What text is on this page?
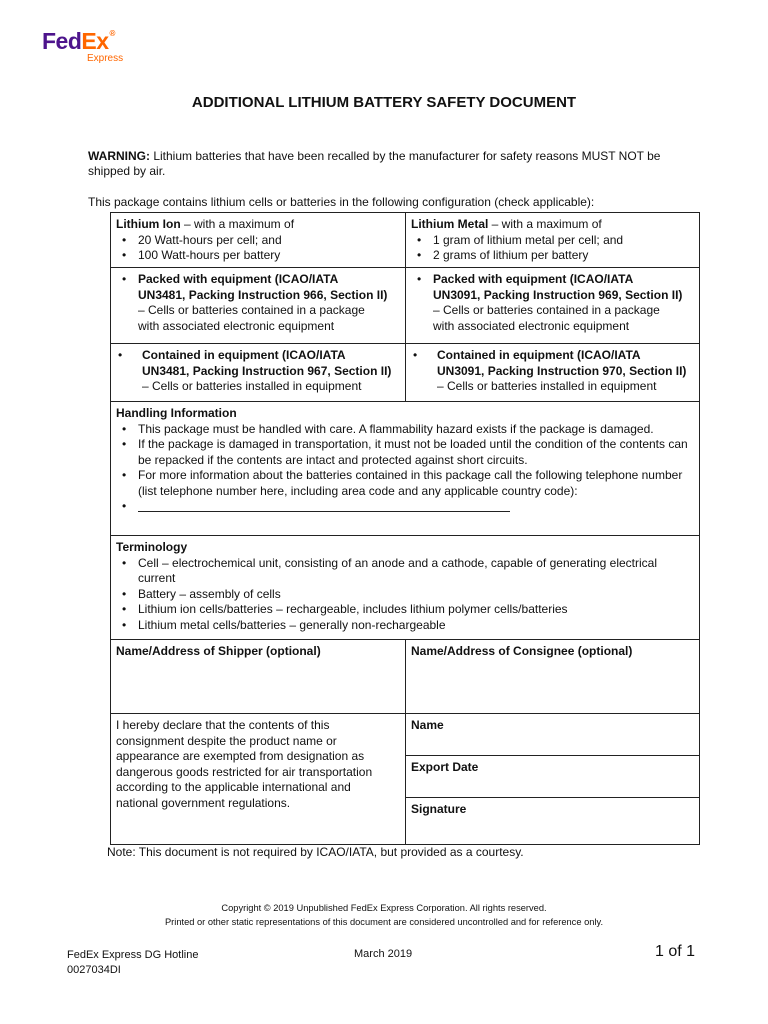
FedEx®
Express
ADDITIONAL LITHIUM BATTERY SAFETY DOCUMENT
WARNING: Lithium batteries that have been recalled by the manufacturer for safety reasons MUST NOT be shipped by air.
This package contains lithium cells or batteries in the following configuration (check applicable):
Lithium Ion – with a maximum of
• 20 Watt-hours per cell; and
• 100 Watt-hours per battery
Lithium Metal – with a maximum of
• 1 gram of lithium metal per cell; and
• 2 grams of lithium per battery
• Packed with equipment (ICAO/IATA
UN3481, Packing Instruction 966, Section II)
– Cells or batteries contained in a package
with associated electronic equipment
• Packed with equipment (ICAO/IATA
UN3091, Packing Instruction 969, Section II)
– Cells or batteries contained in a package
with associated electronic equipment
• Contained in equipment (ICAO/IATA
UN3481, Packing Instruction 967, Section II)
– Cells or batteries installed in equipment
• Contained in equipment (ICAO/IATA
UN3091, Packing Instruction 970, Section II)
– Cells or batteries installed in equipment
Handling Information
• This package must be handled with care. A flammability hazard exists if the package is damaged.
• If the package is damaged in transportation, it must not be loaded until the condition of the contents can be repacked if the contents are intact and protected against short circuits.
• For more information about the batteries contained in this package call the following telephone number (list telephone number here, including area code and any applicable country code):
•
Terminology
• Cell – electrochemical unit, consisting of an anode and a cathode, capable of generating electrical current
• Battery – assembly of cells
• Lithium ion cells/batteries – rechargeable, includes lithium polymer cells/batteries
• Lithium metal cells/batteries – generally non-rechargeable
Name/Address of Shipper (optional)	Name/Address of Consignee (optional)
I hereby declare that the contents of this consignment despite the product name or appearance are exempted from designation as dangerous goods restricted for air transportation according to the applicable international and national government regulations.
Name
Export Date
Signature
Note: This document is not required by ICAO/IATA, but provided as a courtesy.
Copyright © 2019 Unpublished FedEx Express Corporation. All rights reserved.
Printed or other static representations of this document are considered uncontrolled and for reference only.
FedEx Express DG Hotline
0027034DI
March 2019	1 of 1
